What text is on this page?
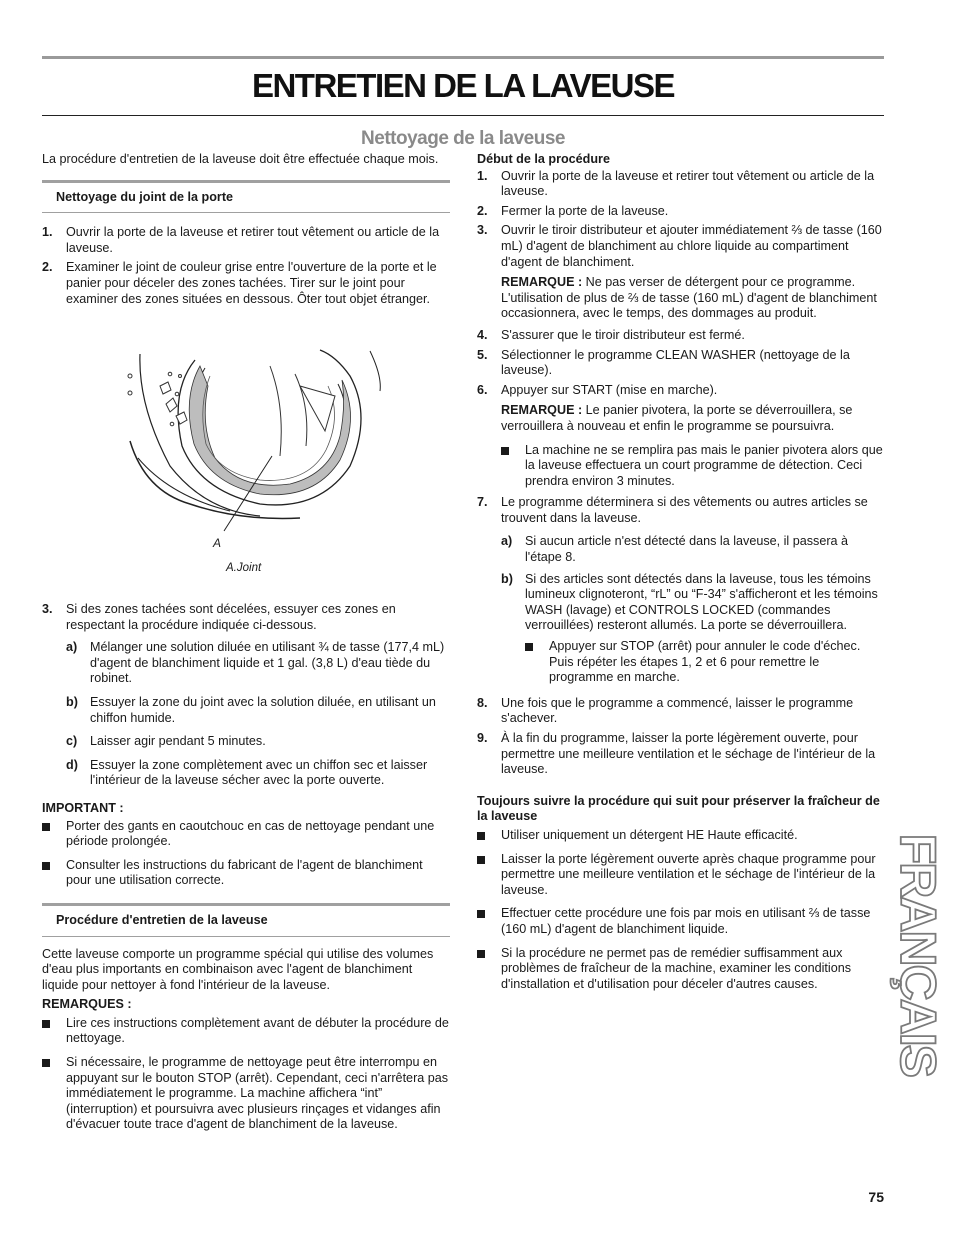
ENTRETIEN DE LA LAVEUSE
Nettoyage de la laveuse

La procédure d'entretien de la laveuse doit être effectuée chaque mois.

Nettoyage du joint de la porte

1. Ouvrir la porte de la laveuse et retirer tout vêtement ou article de la laveuse.
2. Examiner le joint de couleur grise entre l'ouverture de la porte et le panier pour déceler des zones tachées. Tirer sur le joint pour examiner des zones situées en dessous. Ôter tout objet étranger.
A
A.Joint
3. Si des zones tachées sont décelées, essuyer ces zones en respectant la procédure indiquée ci-dessous.
a) Mélanger une solution diluée en utilisant ¾ de tasse (177,4 mL) d'agent de blanchiment liquide et 1 gal. (3,8 L) d'eau tiède du robinet.
b) Essuyer la zone du joint avec la solution diluée, en utilisant un chiffon humide.
c) Laisser agir pendant 5 minutes.
d) Essuyer la zone complètement avec un chiffon sec et laisser l'intérieur de la laveuse sécher avec la porte ouverte.

IMPORTANT :

Porter des gants en caoutchouc en cas de nettoyage pendant une période prolongée.
Consulter les instructions du fabricant de l'agent de blanchiment pour une utilisation correcte.

Procédure d'entretien de la laveuse

Cette laveuse comporte un programme spécial qui utilise des volumes d'eau plus importants en combinaison avec l'agent de blanchiment liquide pour nettoyer à fond l'intérieur de la laveuse.

REMARQUES :

Lire ces instructions complètement avant de débuter la procédure de nettoyage.
Si nécessaire, le programme de nettoyage peut être interrompu en appuyant sur le bouton STOP (arrêt). Cependant, ceci n'arrêtera pas immédiatement le programme. La machine affichera “int” (interruption) et poursuivra avec plusieurs rinçages et vidanges afin d'évacuer toute trace d'agent de blanchiment de la laveuse.

Début de la procédure

1. Ouvrir la porte de la laveuse et retirer tout vêtement ou article de la laveuse.
2. Fermer la porte de la laveuse.
3. Ouvrir le tiroir distributeur et ajouter immédiatement ⅔ de tasse (160 mL) d'agent de blanchiment au chlore liquide au compartiment d'agent de blanchiment.

REMARQUE : Ne pas verser de détergent pour ce programme. L'utilisation de plus de ⅔ de tasse (160 mL) d'agent de blanchiment occasionnera, avec le temps, des dommages au produit.

4. S'assurer que le tiroir distributeur est fermé.
5. Sélectionner le programme CLEAN WASHER (nettoyage de la laveuse).
6. Appuyer sur START (mise en marche).

REMARQUE : Le panier pivotera, la porte se déverrouillera, se verrouillera à nouveau et enfin le programme se poursuivra.

La machine ne se remplira pas mais le panier pivotera alors que la laveuse effectuera un court programme de détection. Ceci prendra environ 3 minutes.
7. Le programme déterminera si des vêtements ou autres articles se trouvent dans la laveuse.
a) Si aucun article n'est détecté dans la laveuse, il passera à l'étape 8.
b) Si des articles sont détectés dans la laveuse, tous les témoins lumineux clignoteront, “rL” ou “F-34” s'afficheront et les témoins WASH (lavage) et CONTROLS LOCKED (commandes verrouillées) resteront allumés. La porte se déverrouillera.
Appuyer sur STOP (arrêt) pour annuler le code d'échec. Puis répéter les étapes 1, 2 et 6 pour remettre le programme en marche.
8. Une fois que le programme a commencé, laisser le programme s'achever.
9. À la fin du programme, laisser la porte légèrement ouverte, pour permettre une meilleure ventilation et le séchage de l'intérieur de la laveuse.

Toujours suivre la procédure qui suit pour préserver la fraîcheur de la laveuse

Utiliser uniquement un détergent HE Haute efficacité.
Laisser la porte légèrement ouverte après chaque programme pour permettre une meilleure ventilation et le séchage de l'intérieur de la laveuse.
Effectuer cette procédure une fois par mois en utilisant ⅔ de tasse (160 mL) d'agent de blanchiment liquide.
Si la procédure ne permet pas de remédier suffisamment aux problèmes de fraîcheur de la machine, examiner les conditions d'installation et d'utilisation pour déceler d'autres causes.	FRANÇAIS
75
